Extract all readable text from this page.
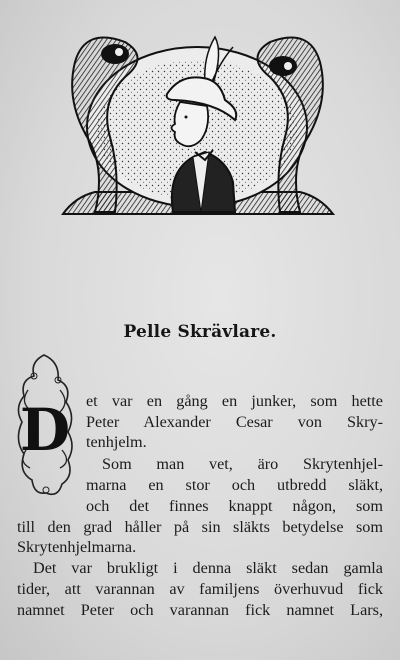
Pelle Skrävlare.
D et var en gång en junker, som hette
Peter Alexander Cesar von Skry-
tenhjelm.
Som man vet, äro Skrytenhjel-
marna en stor och utbredd släkt,
och det finnes knappt någon, som
till den grad håller på sin släkts betydelse som
Skrytenhjelmarna.
Det var brukligt i denna släkt sedan gamla
tider, att varannan av familjens överhuvud fick
namnet Peter och varannan fick namnet Lars,
